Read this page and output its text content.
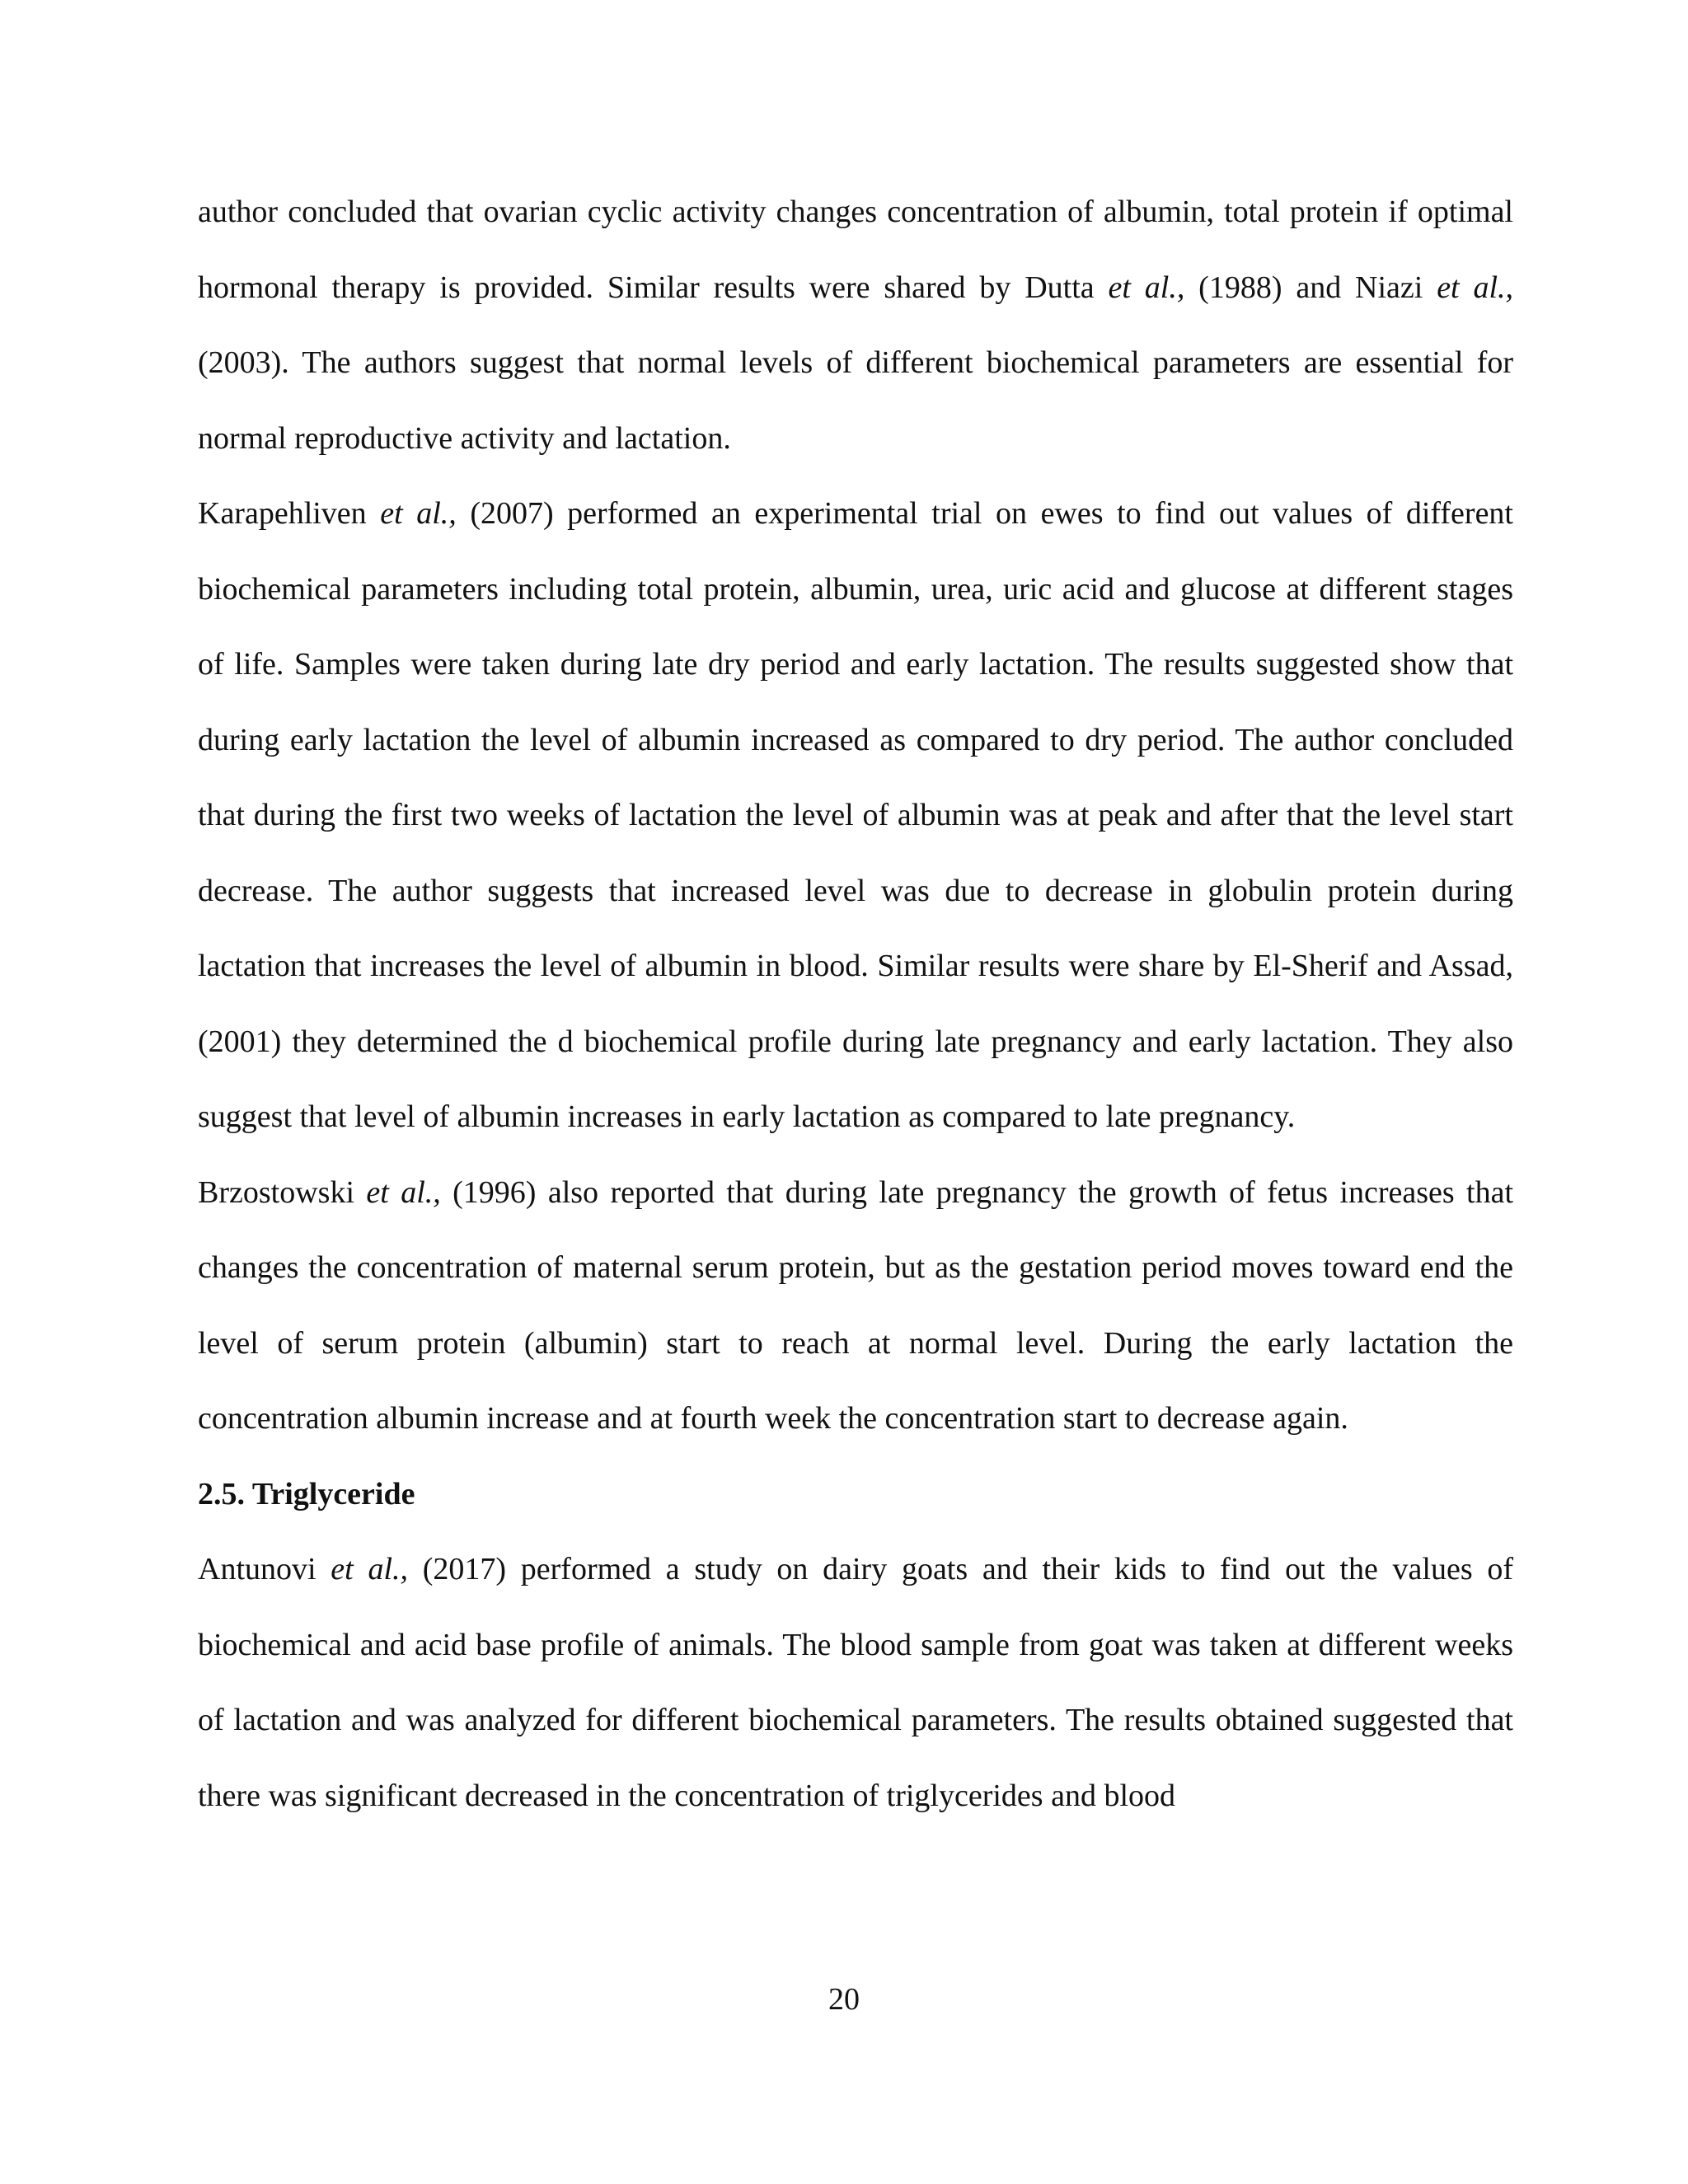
author concluded that ovarian cyclic activity changes concentration of albumin, total protein if optimal hormonal therapy is provided. Similar results were shared by Dutta et al., (1988) and Niazi et al., (2003). The authors suggest that normal levels of different biochemical parameters are essential for normal reproductive activity and lactation.

Karapehliven et al., (2007) performed an experimental trial on ewes to find out values of different biochemical parameters including total protein, albumin, urea, uric acid and glucose at different stages of life. Samples were taken during late dry period and early lactation. The results suggested show that during early lactation the level of albumin increased as compared to dry period. The author concluded that during the first two weeks of lactation the level of albumin was at peak and after that the level start decrease. The author suggests that increased level was due to decrease in globulin protein during lactation that increases the level of albumin in blood. Similar results were share by El-Sherif and Assad, (2001) they determined the d biochemical profile during late pregnancy and early lactation. They also suggest that level of albumin increases in early lactation as compared to late pregnancy.

Brzostowski et al., (1996) also reported that during late pregnancy the growth of fetus increases that changes the concentration of maternal serum protein, but as the gestation period moves toward end the level of serum protein (albumin) start to reach at normal level. During the early lactation the concentration albumin increase and at fourth week the concentration start to decrease again.

2.5. Triglyceride

Antunovi et al., (2017) performed a study on dairy goats and their kids to find out the values of biochemical and acid base profile of animals. The blood sample from goat was taken at different weeks of lactation and was analyzed for different biochemical parameters. The results obtained suggested that there was significant decreased in the concentration of triglycerides and blood

20
